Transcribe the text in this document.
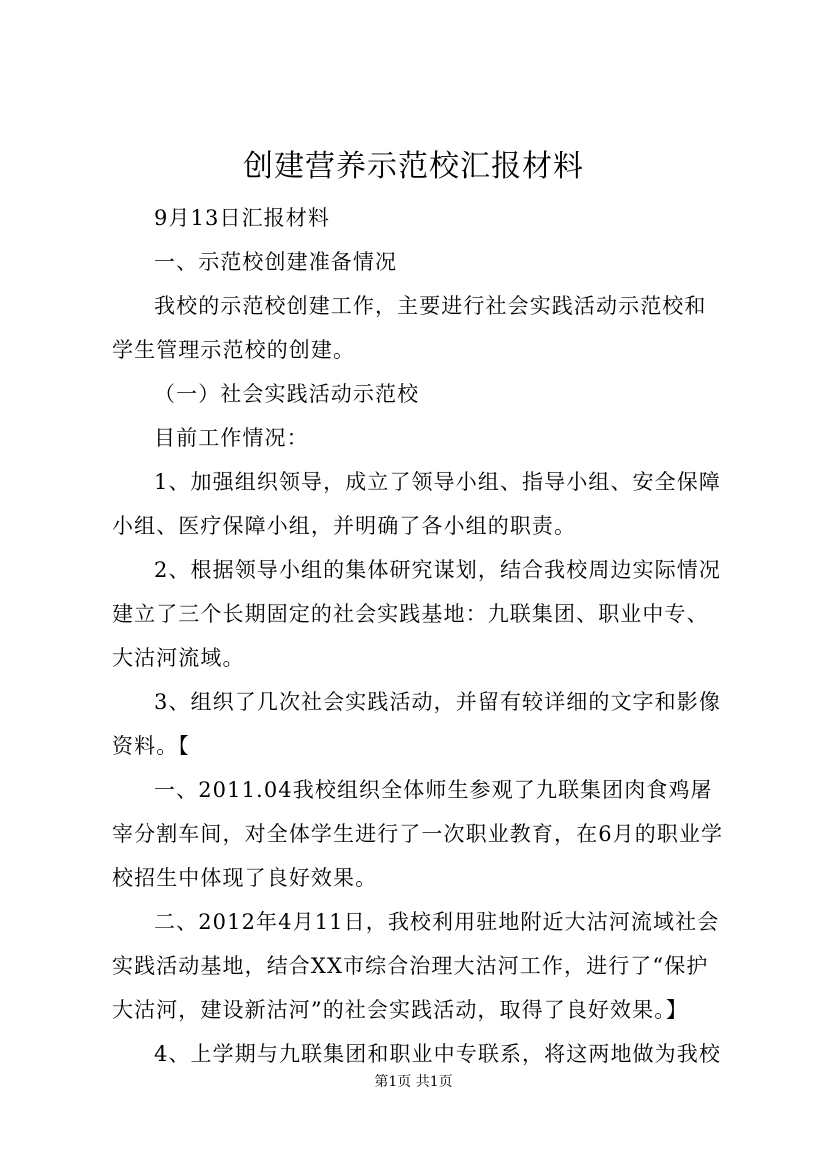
创建营养示范校汇报材料

9月13日汇报材料

一、示范校创建准备情况

我校的示范校创建工作，主要进行社会实践活动示范校和学生管理示范校的创建。

（一）社会实践活动示范校

目前工作情况：

1、加强组织领导，成立了领导小组、指导小组、安全保障小组、医疗保障小组，并明确了各小组的职责。

2、根据领导小组的集体研究谋划，结合我校周边实际情况建立了三个长期固定的社会实践基地：九联集团、职业中专、大沽河流域。

3、组织了几次社会实践活动，并留有较详细的文字和影像资料。【

一、2011.04我校组织全体师生参观了九联集团肉食鸡屠宰分割车间，对全体学生进行了一次职业教育，在6月的职业学校招生中体现了良好效果。

二、2012年4月11日，我校利用驻地附近大沽河流域社会实践活动基地，结合XX市综合治理大沽河工作，进行了“保护大沽河，建设新沽河”的社会实践活动，取得了良好效果。】

4、上学期与九联集团和职业中专联系，将这两地做为我校

第1页 共1页
